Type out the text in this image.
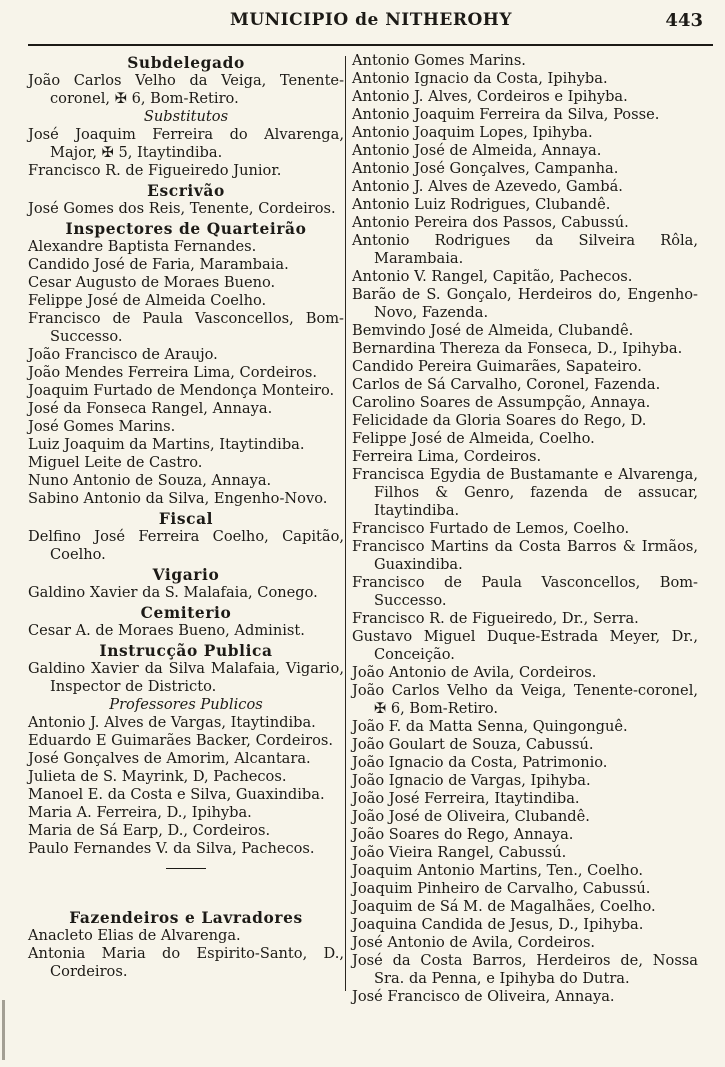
MUNICIPIO de NITHEROHY	443
Subdelegado
João Carlos Velho da Veiga, Tenente-coronel, ✠ 6, Bom-Retiro.
Substitutos
José Joaquim Ferreira do Alvarenga, Major, ✠ 5, Itaytindiba.
Francisco R. de Figueiredo Junior.
Escrivão
José Gomes dos Reis, Tenente, Cordeiros.
Inspectores de Quarteirão
Alexandre Baptista Fernandes.
Candido José de Faria, Marambaia.
Cesar Augusto de Moraes Bueno.
Felippe José de Almeida Coelho.
Francisco de Paula Vasconcellos, Bom-Successo.
João Francisco de Araujo.
João Mendes Ferreira Lima, Cordeiros.
Joaquim Furtado de Mendonça Monteiro.
José da Fonseca Rangel, Annaya.
José Gomes Marins.
Luiz Joaquim da Martins, Itaytindiba.
Miguel Leite de Castro.
Nuno Antonio de Souza, Annaya.
Sabino Antonio da Silva, Engenho-Novo.
Fiscal
Delfino José Ferreira Coelho, Capitão, Coelho.
Vigario
Galdino Xavier da S. Malafaia, Conego.
Cemiterio
Cesar A. de Moraes Bueno, Administ.
Instrucção Publica
Galdino Xavier da Silva Malafaia, Vigario, Inspector de Districto.
Professores Publicos
Antonio J. Alves de Vargas, Itaytindiba.
Eduardo E Guimarães Backer, Cordeiros.
José Gonçalves de Amorim, Alcantara.
Julieta de S. Mayrink, D, Pachecos.
Manoel E. da Costa e Silva, Guaxindiba.
Maria A. Ferreira, D., Ipihyba.
Maria de Sá Earp, D., Cordeiros.
Paulo Fernandes V. da Silva, Pachecos.
Fazendeiros e Lavradores
Anacleto Elias de Alvarenga.
Antonia Maria do Espirito-Santo, D., Cordeiros.
Antonio Gomes Marins.
Antonio Ignacio da Costa, Ipihyba.
Antonio J. Alves, Cordeiros e Ipihyba.
Antonio Joaquim Ferreira da Silva, Posse.
Antonio Joaquim Lopes, Ipihyba.
Antonio José de Almeida, Annaya.
Antonio José Gonçalves, Campanha.
Antonio J. Alves de Azevedo, Gambá.
Antonio Luiz Rodrigues, Clubandê.
Antonio Pereira dos Passos, Cabussú.
Antonio Rodrigues da Silveira Rôla, Marambaia.
Antonio V. Rangel, Capitão, Pachecos.
Barão de S. Gonçalo, Herdeiros do, Engenho-Novo, Fazenda.
Bemvindo José de Almeida, Clubandê.
Bernardina Thereza da Fonseca, D., Ipihyba.
Candido Pereira Guimarães, Sapateiro.
Carlos de Sá Carvalho, Coronel, Fazenda.
Carolino Soares de Assumpção, Annaya.
Felicidade da Gloria Soares do Rego, D.
Felippe José de Almeida, Coelho.
Ferreira Lima, Cordeiros.
Francisca Egydia de Bustamante e Alvarenga, Filhos & Genro, fazenda de assucar, Itaytindiba.
Francisco Furtado de Lemos, Coelho.
Francisco Martins da Costa Barros & Irmãos, Guaxindiba.
Francisco de Paula Vasconcellos, Bom-Successo.
Francisco R. de Figueiredo, Dr., Serra.
Gustavo Miguel Duque-Estrada Meyer, Dr., Conceição.
João Antonio de Avila, Cordeiros.
João Carlos Velho da Veiga, Tenente-coronel, ✠ 6, Bom-Retiro.
João F. da Matta Senna, Quingonguê.
João Goulart de Souza, Cabussú.
João Ignacio da Costa, Patrimonio.
João Ignacio de Vargas, Ipihyba.
João José Ferreira, Itaytindiba.
João José de Oliveira, Clubandê.
João Soares do Rego, Annaya.
João Vieira Rangel, Cabussú.
Joaquim Antonio Martins, Ten., Coelho.
Joaquim Pinheiro de Carvalho, Cabussú.
Joaquim de Sá M. de Magalhães, Coelho.
Joaquina Candida de Jesus, D., Ipihyba.
José Antonio de Avila, Cordeiros.
José da Costa Barros, Herdeiros de, Nossa Sra. da Penna, e Ipihyba do Dutra.
José Francisco de Oliveira, Annaya.
